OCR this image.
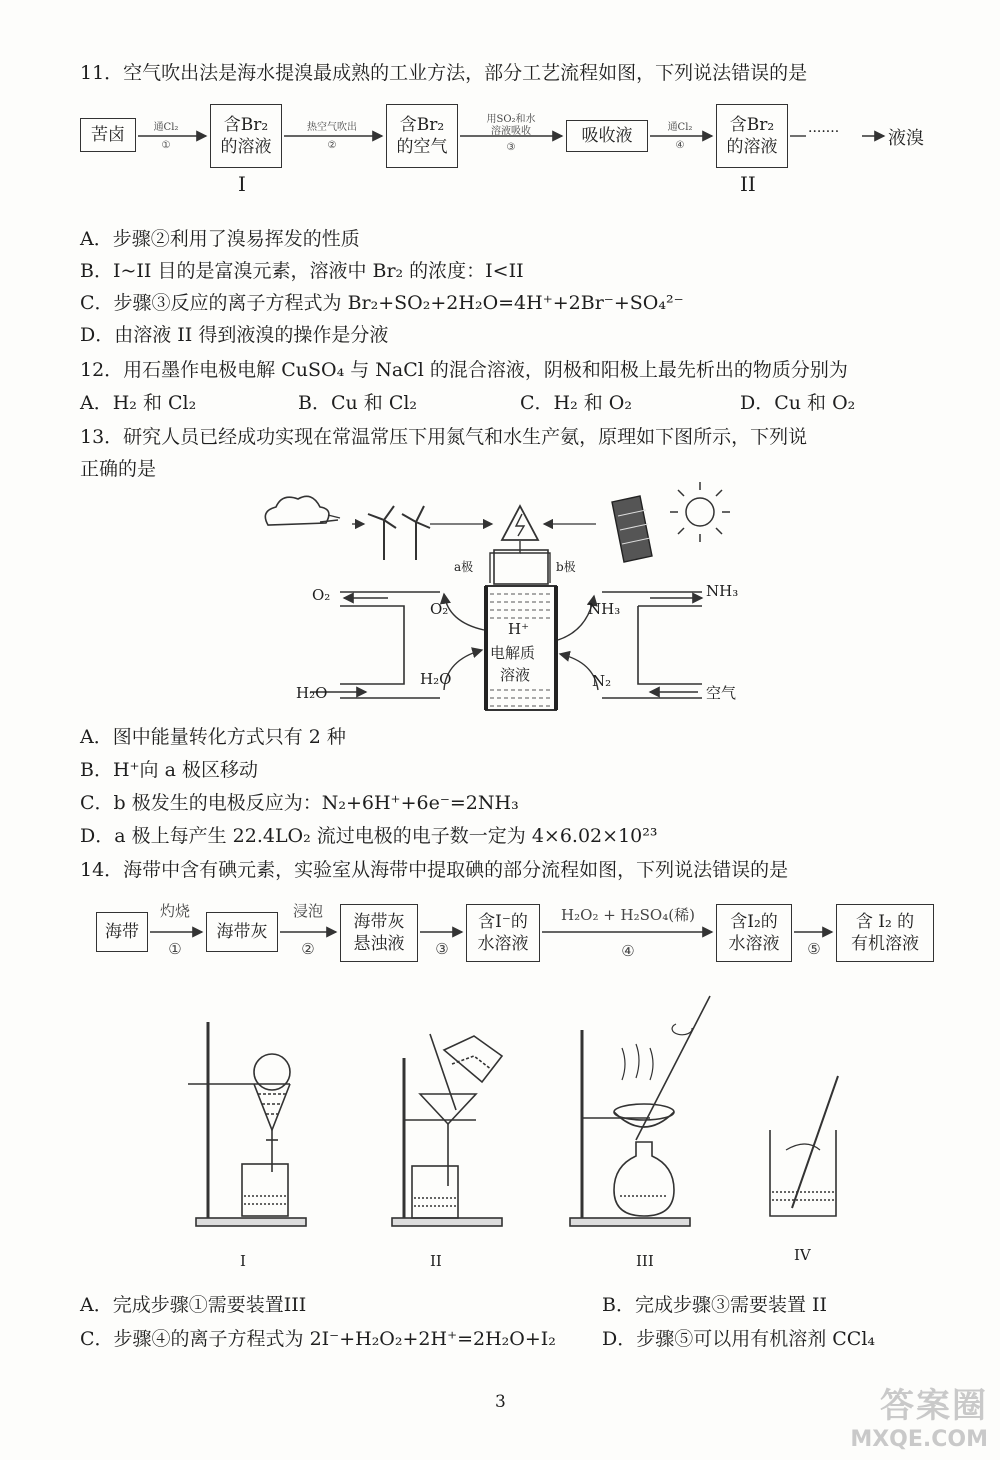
11．空气吹出法是海水提溴最成熟的工业方法，部分工艺流程如图，下列说法错误的是
苦卤	通Cl₂
①
含Br₂
的溶液
I
热空气吹出
②
含Br₂
的空气
用SO₂和水
溶液吸收
③
吸收液	通Cl₂
④
含Br₂
的溶液
II
·······	液溴
A．步骤②利用了溴易挥发的性质
B．I~II 目的是富溴元素，溶液中 Br₂ 的浓度：I<II
C．步骤③反应的离子方程式为 Br₂+SO₂+2H₂O=4H⁺+2Br⁻+SO₄²⁻
D．由溶液 II 得到液溴的操作是分液
12．用石墨作电极电解 CuSO₄ 与 NaCl 的混合溶液，阴极和阳极上最先析出的物质分别为
A．H₂ 和 Cl₂	B．Cu 和 Cl₂	C．H₂ 和 O₂	D．Cu 和 O₂
13．研究人员已经成功实现在常温常压下用氮气和水生产氨，原理如下图所示，下列说
正确的是
a极	b极
O₂
O₂	NH₃
NH₃
H⁺
电解质
溶液
H₂O
H₂O	N₂
空气
A．图中能量转化方式只有 2 种
B．H⁺向 a 极区移动
C．b 极发生的电极反应为：N₂+6H⁺+6e⁻=2NH₃
D．a 极上每产生 22.4LO₂ 流过电极的电子数一定为 4×6.02×10²³
14．海带中含有碘元素，实验室从海带中提取碘的部分流程如图，下列说法错误的是
海带
灼烧
①
海带灰
浸泡
②
海带灰
悬浊液	③
含I⁻的
水溶液
H₂O₂ + H₂SO₄(稀)
④
含I₂的
水溶液	⑤
含 I₂ 的
有机溶液
I	II	III	IV
A．完成步骤①需要装置III	B．完成步骤③需要装置 II
C．步骤④的离子方程式为 2I⁻+H₂O₂+2H⁺=2H₂O+I₂ D．步骤⑤可以用有机溶剂 CCl₄
3	答案圈
MXQE.COM
